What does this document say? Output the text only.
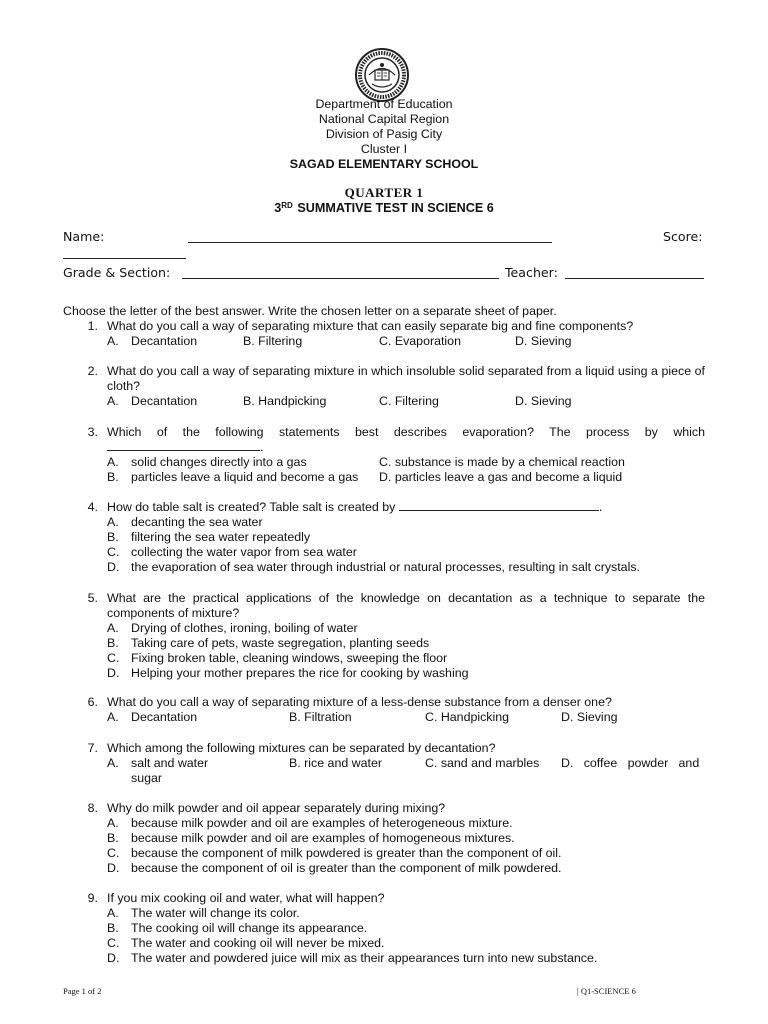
Department of Education
National Capital Region
Division of Pasig City
Cluster I
SAGAD ELEMENTARY SCHOOL
QUARTER 1
3RD SUMMATIVE TEST IN SCIENCE 6
Name:	Score:
Grade & Section:	Teacher:
Choose the letter of the best answer. Write the chosen letter on a separate sheet of paper.
1. What do you call a way of separating mixture that can easily separate big and fine components?
A. Decantation	B. Filtering	C. Evaporation	D. Sieving
2. What do you call a way of separating mixture in which insoluble solid separated from a liquid using a piece of
cloth?
A. Decantation	B. Handpicking	C. Filtering	D. Sieving
3. Which of the following statements best describes evaporation? The process by which
.
A. solid changes directly into a gas	C. substance is made by a chemical reaction
B. particles leave a liquid and become a gas	D. particles leave a gas and become a liquid
4. How do table salt is created? Table salt is created by	.
A. decanting the sea water
B. filtering the sea water repeatedly
C. collecting the water vapor from sea water
D. the evaporation of sea water through industrial or natural processes, resulting in salt crystals.
5. What are the practical applications of the knowledge on decantation as a technique to separate the
components of mixture?
A. Drying of clothes, ironing, boiling of water
B. Taking care of pets, waste segregation, planting seeds
C. Fixing broken table, cleaning windows, sweeping the floor
D. Helping your mother prepares the rice for cooking by washing
6. What do you call a way of separating mixture of a less-dense substance from a denser one?
A. Decantation	B. Filtration	C. Handpicking	D. Sieving
7. Which among the following mixtures can be separated by decantation?
A. salt and water	B. rice and water	C. sand and marbles	D.   coffee   powder   and
sugar
8. Why do milk powder and oil appear separately during mixing?
A. because milk powder and oil are examples of heterogeneous mixture.
B. because milk powder and oil are examples of homogeneous mixtures.
C. because the component of milk powdered is greater than the component of oil.
D. because the component of oil is greater than the component of milk powdered.
9. If you mix cooking oil and water, what will happen?
A. The water will change its color.
B. The cooking oil will change its appearance.
C. The water and cooking oil will never be mixed.
D. The water and powdered juice will mix as their appearances turn into new substance.
Page 1 of 2	| Q1-SCIENCE 6
